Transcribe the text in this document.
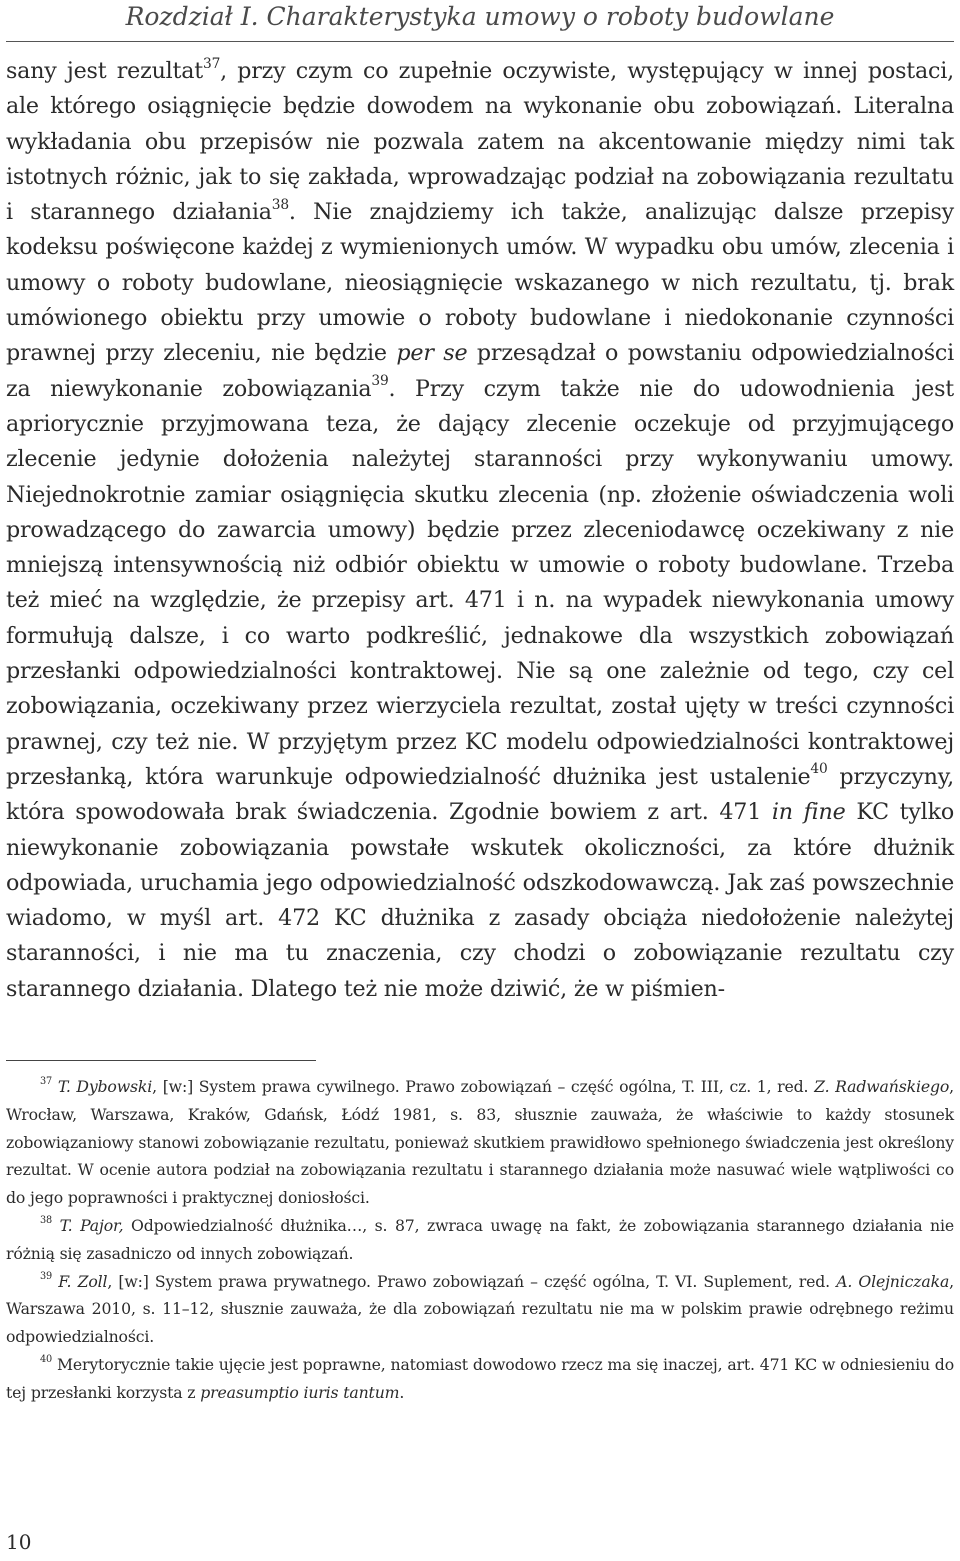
Rozdział I. Charakterystyka umowy o roboty budowlane

sany jest rezultat$^{37}$, przy czym co zupełnie oczywiste, występujący w innej postaci, ale którego osiągnięcie będzie dowodem na wykonanie obu zobowiązań. Literalna wykładania obu przepisów nie pozwala zatem na akcentowanie między nimi tak istotnych różnic, jak to się zakłada, wprowadzając podział na zobowiązania rezultatu i starannego działania$^{38}$. Nie znajdziemy ich także, analizując dalsze przepisy kodeksu poświęcone każdej z wymienionych umów. W wypadku obu umów, zlecenia i umowy o roboty budowlane, nieosiągnięcie wskazanego w nich rezultatu, tj. brak umówionego obiektu przy umowie o roboty budowlane i niedokonanie czynności prawnej przy zleceniu, nie będzie per se przesądzał o powstaniu odpowiedzialności za niewykonanie zobowiązania$^{39}$. Przy czym także nie do udowodnienia jest apriorycznie przyjmowana teza, że dający zlecenie oczekuje od przyjmującego zlecenie jedynie dołożenia należytej staranności przy wykonywaniu umowy. Niejednokrotnie zamiar osiągnięcia skutku zlecenia (np. złożenie oświadczenia woli prowadzącego do zawarcia umowy) będzie przez zleceniodawcę oczekiwany z nie mniejszą intensywnością niż odbiór obiektu w umowie o roboty budowlane. Trzeba też mieć na względzie, że przepisy art. 471 i n. na wypadek niewykonania umowy formułują dalsze, i co warto podkreślić, jednakowe dla wszystkich zobowiązań przesłanki odpowiedzialności kontraktowej. Nie są one zależnie od tego, czy cel zobowiązania, oczekiwany przez wierzyciela rezultat, został ujęty w treści czynności prawnej, czy też nie. W przyjętym przez KC modelu odpowiedzialności kontraktowej przesłanką, która warunkuje odpowiedzialność dłużnika jest ustalenie$^{40}$ przyczyny, która spowodowała brak świadczenia. Zgodnie bowiem z art. 471 in fine KC tylko niewykonanie zobowiązania powstałe wskutek okoliczności, za które dłużnik odpowiada, uruchamia jego odpowiedzialność odszkodowawczą. Jak zaś powszechnie wiadomo, w myśl art. 472 KC dłużnika z zasady obciąża niedołożenie należytej staranności, i nie ma tu znaczenia, czy chodzi o zobowiązanie rezultatu czy starannego działania. Dlatego też nie może dziwić, że w piśmien-

$^{37}$ T. Dybowski, [w:] System prawa cywilnego. Prawo zobowiązań – część ogólna, T. III, cz. 1, red. Z. Radwańskiego, Wrocław, Warszawa, Kraków, Gdańsk, Łódź 1981, s. 83, słusznie zauważa, że właściwie to każdy stosunek zobowiązaniowy stanowi zobowiązanie rezultatu, ponieważ skutkiem prawidłowo spełnionego świadczenia jest określony rezultat. W ocenie autora podział na zobowiązania rezultatu i starannego działania może nasuwać wiele wątpliwości co do jego poprawności i praktycznej doniosłości.

$^{38}$ T. Pajor, Odpowiedzialność dłużnika…, s. 87, zwraca uwagę na fakt, że zobowiązania starannego działania nie różnią się zasadniczo od innych zobowiązań.

$^{39}$ F. Zoll, [w:] System prawa prywatnego. Prawo zobowiązań – część ogólna, T. VI. Suplement, red. A. Olejniczaka, Warszawa 2010, s. 11–12, słusznie zauważa, że dla zobowiązań rezultatu nie ma w polskim prawie odrębnego reżimu odpowiedzialności.

$^{40}$ Merytorycznie takie ujęcie jest poprawne, natomiast dowodowo rzecz ma się inaczej, art. 471 KC w odniesieniu do tej przesłanki korzysta z preasumptio iuris tantum.

10
